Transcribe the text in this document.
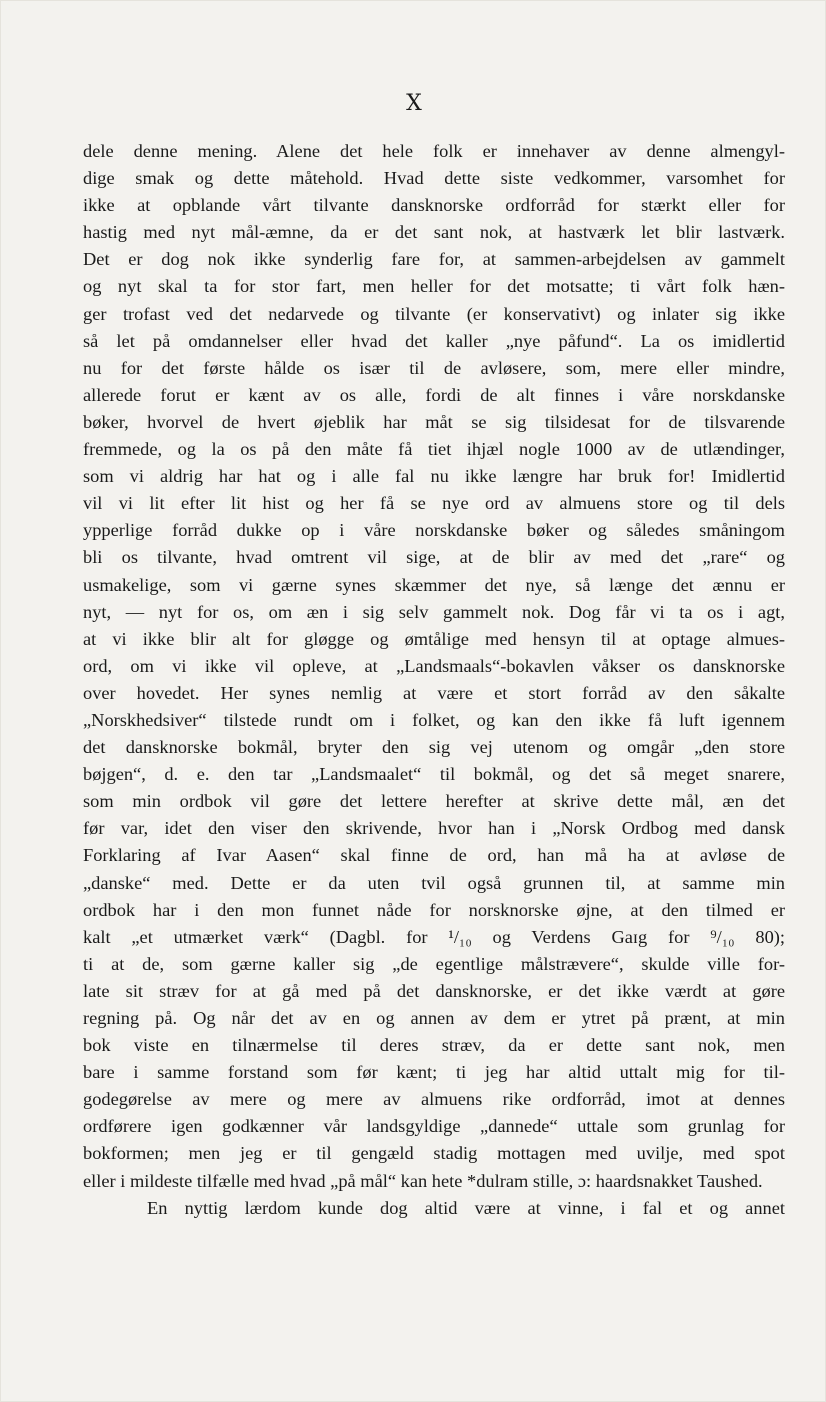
X
dele denne mening. Alene det hele folk er innehaver av denne almengyl-
dige smak og dette måtehold. Hvad dette siste vedkommer, varsomhet for
ikke at opblande vårt tilvante dansknorske ordforråd for stærkt eller for
hastig med nyt mål-æmne, da er det sant nok, at hastværk let blir lastværk.
Det er dog nok ikke synderlig fare for, at sammen-arbejdelsen av gammelt
og nyt skal ta for stor fart, men heller for det motsatte; ti vårt folk hæn-
ger trofast ved det nedarvede og tilvante (er konservativt) og inlater sig ikke
så let på omdannelser eller hvad det kaller „nye påfund“. La os imidlertid
nu for det første hålde os især til de avløsere, som, mere eller mindre,
allerede forut er kænt av os alle, fordi de alt finnes i våre norskdanske
bøker, hvorvel de hvert øjeblik har måt se sig tilsidesat for de tilsvarende
fremmede, og la os på den måte få tiet ihjæl nogle 1000 av de utlændinger,
som vi aldrig har hat og i alle fal nu ikke længre har bruk for! Imidlertid
vil vi lit efter lit hist og her få se nye ord av almuens store og til dels
ypperlige forråd dukke op i våre norskdanske bøker og således småningom
bli os tilvante, hvad omtrent vil sige, at de blir av med det „rare“ og
usmakelige, som vi gærne synes skæmmer det nye, så længe det ænnu er
nyt, — nyt for os, om æn i sig selv gammelt nok. Dog får vi ta os i agt,
at vi ikke blir alt for gløgge og ømtålige med hensyn til at optage almues-
ord, om vi ikke vil opleve, at „Landsmaals“-bokavlen våkser os dansknorske
over hovedet. Her synes nemlig at være et stort forråd av den såkalte
„Norskhedsiver“ tilstede rundt om i folket, og kan den ikke få luft igennem
det dansknorske bokmål, bryter den sig vej utenom og omgår „den store
bøjgen“, d. e. den tar „Landsmaalet“ til bokmål, og det så meget snarere,
som min ordbok vil gøre det lettere herefter at skrive dette mål, æn det
før var, idet den viser den skrivende, hvor han i „Norsk Ordbog med dansk
Forklaring af Ivar Aasen“ skal finne de ord, han må ha at avløse de
„danske“ med. Dette er da uten tvil også grunnen til, at samme min
ordbok har i den mon funnet nåde for norsknorske øjne, at den tilmed er
kalt „et utmærket værk“ (Dagbl. for ¹/₁₀ og Verdens Gaɪg for ⁹/₁₀ 80);
ti at de, som gærne kaller sig „de egentlige målstræverе“, skulde ville for-
late sit stræv for at gå med på det dansknorske, er det ikke værdt at gøre
regning på. Og når det av en og annen av dem er ytret på prænt, at min
bok viste en tilnærmelse til deres stræv, da er dette sant nok, men
bare i samme forstand som før kænt; ti jeg har altid uttalt mig for til-
godegørelse av mere og mere av almuens rike ordforråd, imot at dennes
ordførere igen godkænner vår landsgyldige „dannede“ uttale som grunlag for
bokformen; men jeg er til gengæld stadig mottagen med uvilje, med spot
eller i mildeste tilfælle med hvad „på mål“ kan hete *dulram stille, ɔ: haardsnakket Taushed.
En nyttig lærdom kunde dog altid være at vinne, i fal et og annet
